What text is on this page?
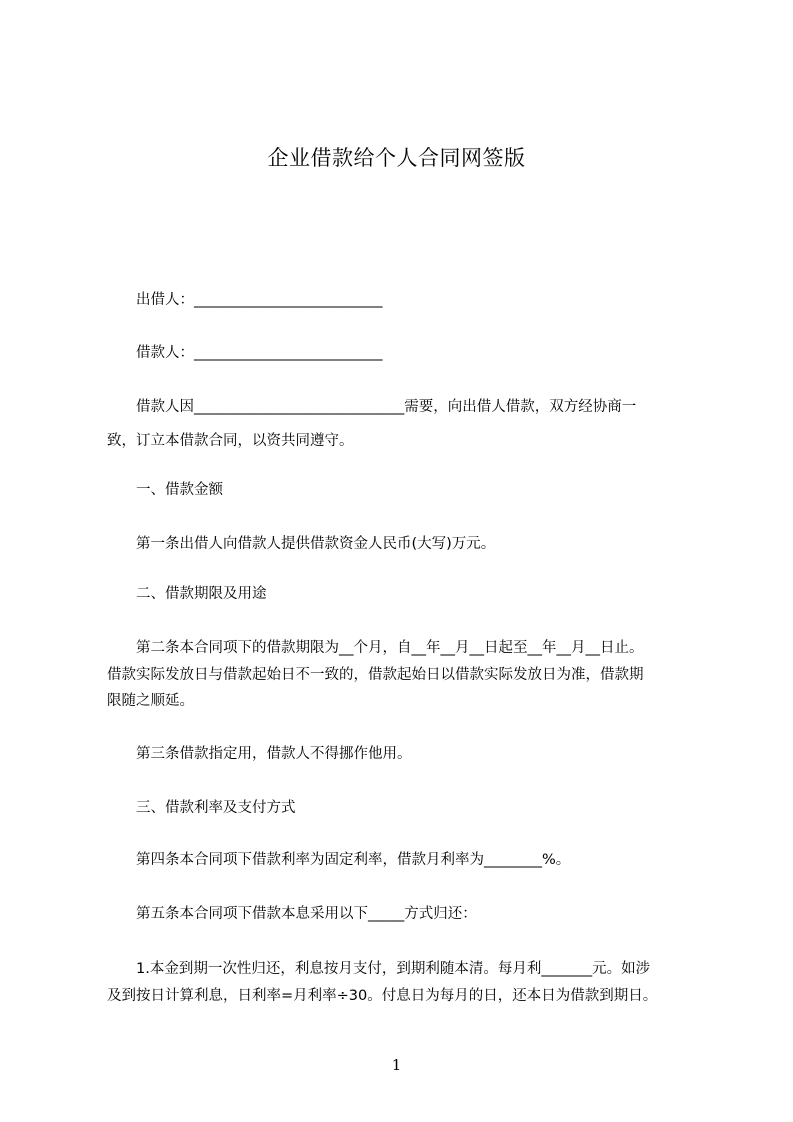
企业借款给个人合同网签版
出借人：__________________________
借款人：__________________________
借款人因_____________________________需要，向出借人借款，双方经协商一
致，订立本借款合同，以资共同遵守。
一、借款金额
第一条出借人向借款人提供借款资金人民币(大写)万元。
二、借款期限及用途
第二条本合同项下的借款期限为__个月，自__年__月__日起至__年__月__日止。
借款实际发放日与借款起始日不一致的，借款起始日以借款实际发放日为准，借款期
限随之顺延。
第三条借款指定用，借款人不得挪作他用。
三、借款利率及支付方式
第四条本合同项下借款利率为固定利率，借款月利率为________%。
第五条本合同项下借款本息采用以下_____方式归还：
1.本金到期一次性归还，利息按月支付，到期利随本清。每月利_______元。如涉
及到按日计算利息，日利率=月利率÷30。付息日为每月的日，还本日为借款到期日。
1
